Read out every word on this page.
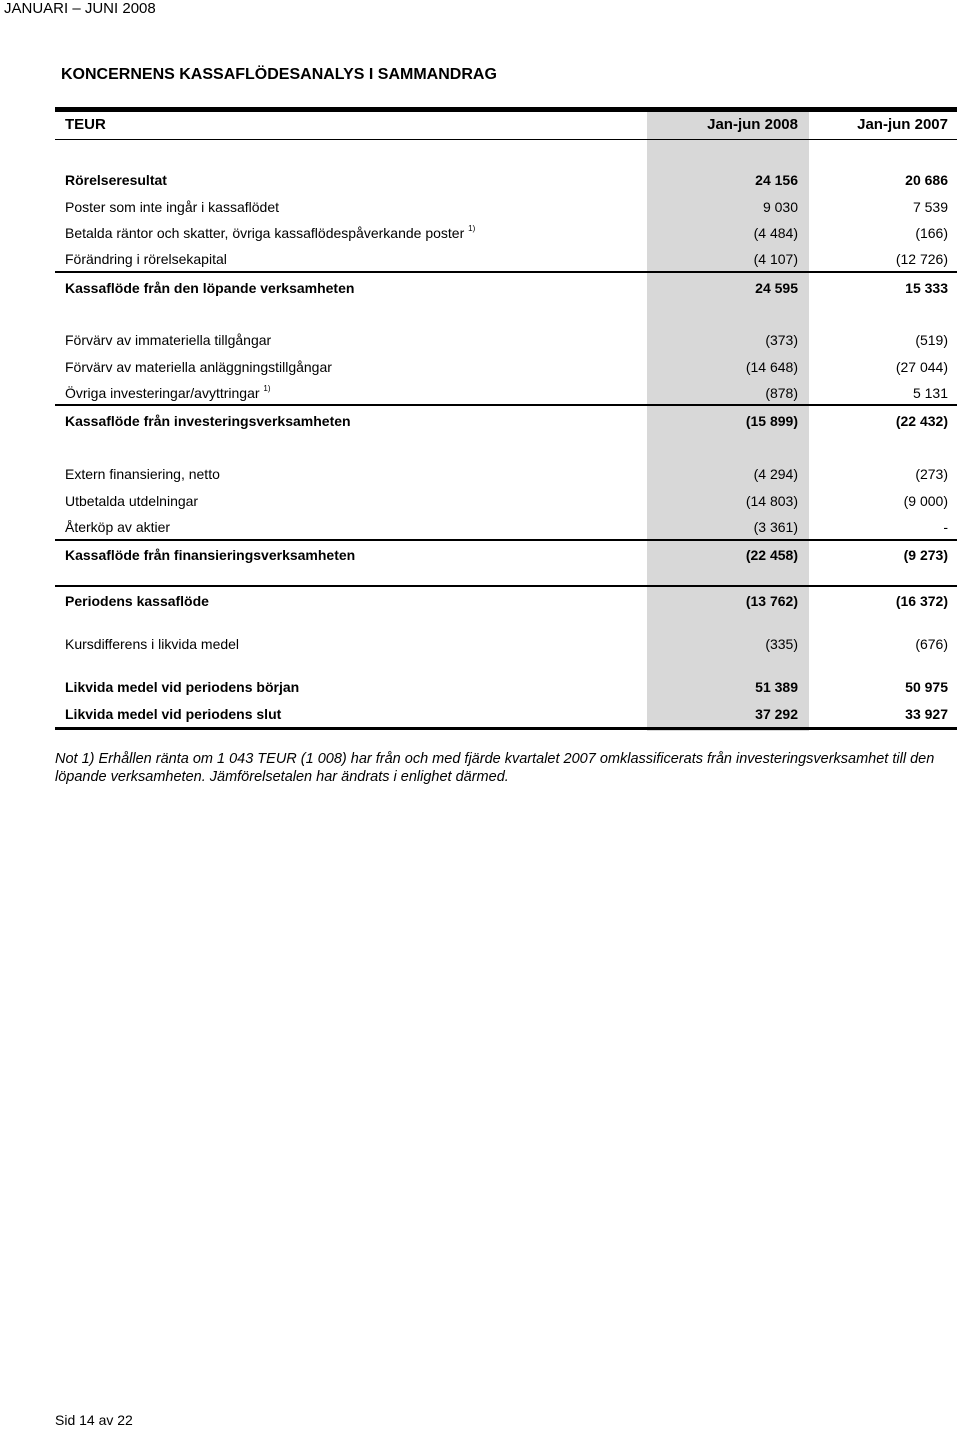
JANUARI – JUNI 2008
KONCERNENS KASSAFLÖDESANALYS I SAMMANDRAG
TEUR	Jan-jun 2008	Jan-jun 2007
Rörelseresultat	24 156	20 686
Poster som inte ingår i kassaflödet	9 030	7 539
Betalda räntor och skatter, övriga kassaflödespåverkande poster $^{1)}$	(4 484)	(166)
Förändring i rörelsekapital	(4 107)	(12 726)
Kassaflöde från den löpande verksamheten	24 595	15 333
Förvärv av immateriella tillgångar	(373)	(519)
Förvärv av materiella anläggningstillgångar	(14 648)	(27 044)
Övriga investeringar/avyttringar $^{1)}$	(878)	5 131
Kassaflöde från investeringsverksamheten	(15 899)	(22 432)
Extern finansiering, netto	(4 294)	(273)
Utbetalda utdelningar	(14 803)	(9 000)
Återköp av aktier	(3 361)	-
Kassaflöde från finansieringsverksamheten	(22 458)	(9 273)
Periodens kassaflöde	(13 762)	(16 372)
Kursdifferens i likvida medel	(335)	(676)
Likvida medel vid periodens början	51 389	50 975
Likvida medel vid periodens slut	37 292	33 927
Not 1) Erhållen ränta om 1 043 TEUR (1 008) har från och med fjärde kvartalet 2007 omklassificerats från investeringsverksamhet till den löpande verksamheten. Jämförelsetalen har ändrats i enlighet därmed.
Sid 14 av 22
